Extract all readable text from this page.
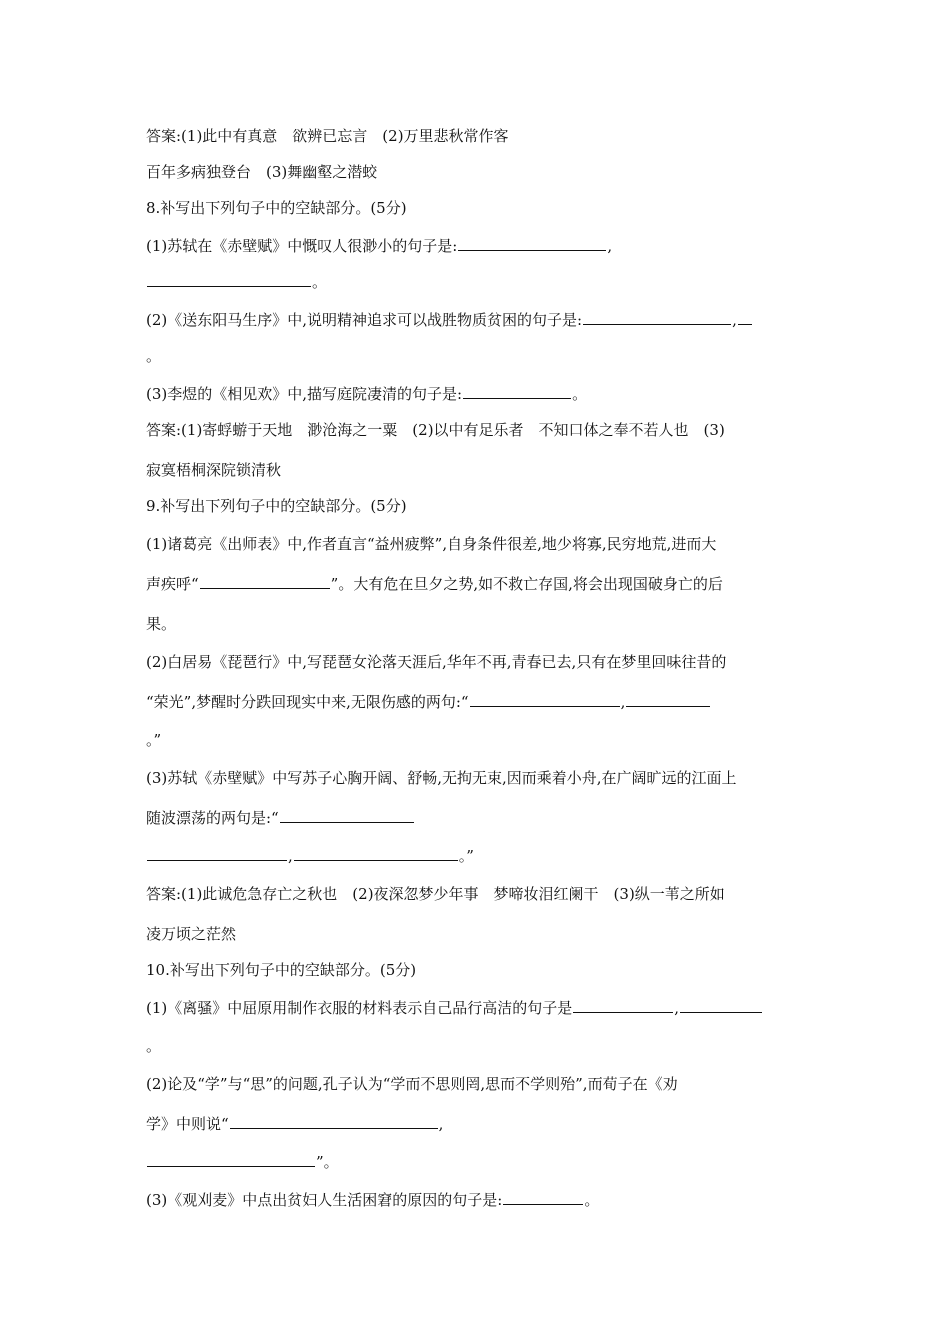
答案:(1)此中有真意　欲辨已忘言　(2)万里悲秋常作客
百年多病独登台　(3)舞幽壑之潜蛟
8.补写出下列句子中的空缺部分。(5分)
(1)苏轼在《赤壁赋》中慨叹人很渺小的句子是:	,
。
(2)《送东阳马生序》中,说明精神追求可以战胜物质贫困的句子是:	,
。
(3)李煜的《相见欢》中,描写庭院凄清的句子是:	。
答案:(1)寄蜉蝣于天地　渺沧海之一粟　(2)以中有足乐者　不知口体之奉不若人也　(3)
寂寞梧桐深院锁清秋
9.补写出下列句子中的空缺部分。(5分)
(1)诸葛亮《出师表》中,作者直言“益州疲弊”,自身条件很差,地少将寡,民穷地荒,进而大
声疾呼“	”。大有危在旦夕之势,如不救亡存国,将会出现国破身亡的后
果。
(2)白居易《琵琶行》中,写琵琶女沦落天涯后,华年不再,青春已去,只有在梦里回味往昔的
“荣光”,梦醒时分跌回现实中来,无限伤感的两句:“	,
。”
(3)苏轼《赤壁赋》中写苏子心胸开阔、舒畅,无拘无束,因而乘着小舟,在广阔旷远的江面上
随波漂荡的两句是:“
,	。”
答案:(1)此诚危急存亡之秋也　(2)夜深忽梦少年事　梦啼妆泪红阑干　(3)纵一苇之所如
凌万顷之茫然
10.补写出下列句子中的空缺部分。(5分)
(1)《离骚》中屈原用制作衣服的材料表示自己品行高洁的句子是	,
。
(2)论及“学”与“思”的问题,孔子认为“学而不思则罔,思而不学则殆”,而荀子在《劝
学》中则说“	,
”。
(3)《观刈麦》中点出贫妇人生活困窘的原因的句子是:	。
